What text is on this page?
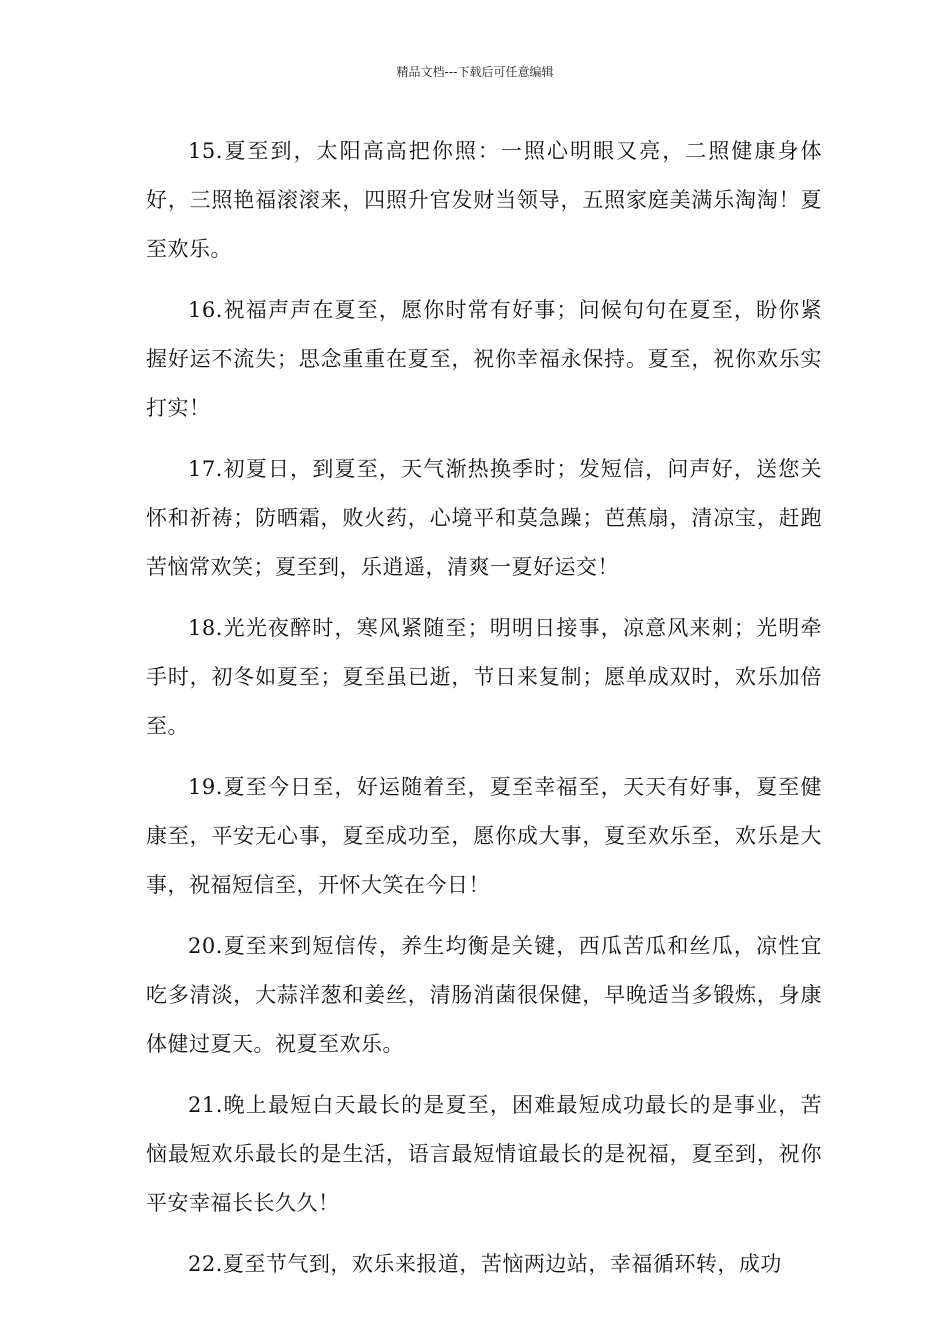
精品文档---下载后可任意编辑

15.夏至到，太阳高高把你照：一照心明眼又亮，二照健康身体好，三照艳福滚滚来，四照升官发财当领导，五照家庭美满乐淘淘！夏至欢乐。

16.祝福声声在夏至，愿你时常有好事；问候句句在夏至，盼你紧握好运不流失；思念重重在夏至，祝你幸福永保持。夏至，祝你欢乐实打实！

17.初夏日，到夏至，天气渐热换季时；发短信，问声好，送您关怀和祈祷；防晒霜，败火药，心境平和莫急躁；芭蕉扇，清凉宝，赶跑苦恼常欢笑；夏至到，乐逍遥，清爽一夏好运交！

18.光光夜醉时，寒风紧随至；明明日接事，凉意风来刺；光明牵手时，初冬如夏至；夏至虽已逝，节日来复制；愿单成双时，欢乐加倍至。

19.夏至今日至，好运随着至，夏至幸福至，天天有好事，夏至健康至，平安无心事，夏至成功至，愿你成大事，夏至欢乐至，欢乐是大事，祝福短信至，开怀大笑在今日！

20.夏至来到短信传，养生均衡是关键，西瓜苦瓜和丝瓜，凉性宜吃多清淡，大蒜洋葱和姜丝，清肠消菌很保健，早晚适当多锻炼，身康体健过夏天。祝夏至欢乐。

21.晚上最短白天最长的是夏至，困难最短成功最长的是事业，苦恼最短欢乐最长的是生活，语言最短情谊最长的是祝福，夏至到，祝你平安幸福长长久久！

22.夏至节气到，欢乐来报道，苦恼两边站，幸福循环转，成功
